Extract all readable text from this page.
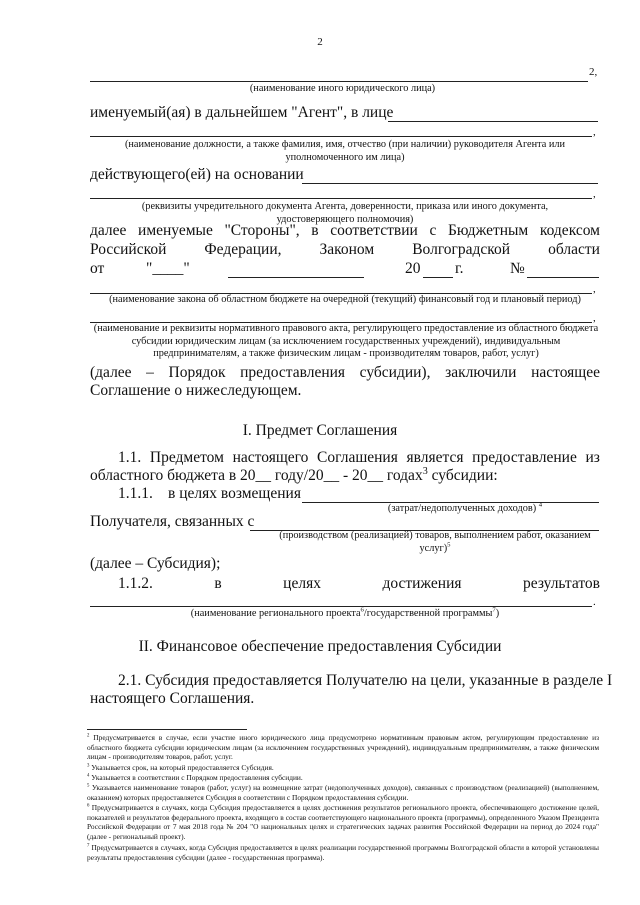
2
2,
(наименование иного юридического лица)
именуемый(ая) в дальнейшем "Агент", в лице
,
(наименование должности, а также фамилия, имя, отчество (при наличии) руководителя Агента или уполномоченного им лица)
действующего(ей) на основании
,
(реквизиты учредительного документа Агента, доверенности, приказа или иного документа, удостоверяющего полномочия)
далее именуемые "Стороны", в соответствии с Бюджетным кодексом
Российской Федерации, Законом Волгоградской области
от	"____"	20 г.	№
,
(наименование закона об областном бюджете на очередной (текущий) финансовый год и плановый период)
,
(наименование и реквизиты нормативного правового акта, регулирующего предоставление из областного бюджета субсидии юридическим лицам (за исключением государственных учреждений), индивидуальным предпринимателям, а также физическим лицам - производителям товаров, работ, услуг)
(далее – Порядок предоставления субсидии), заключили настоящее
Соглашение о нижеследующем.
I. Предмет Соглашения
1.1. Предметом настоящего Соглашения является предоставление из
областного бюджета в 20__ году/20__ - 20__ годах$^3$ субсидии:
1.1.1. в целях возмещения
(затрат/недополученных доходов) $^4$
Получателя, связанных с
(производством (реализацией) товаров, выполнением работ, оказанием услуг)$^5$
(далее – Субсидия);
1.1.2.	в	целях	достижения	результатов
.
(наименование регионального проекта$^6$/государственной программы$^7$)
II. Финансовое обеспечение предоставления Субсидии
2.1. Субсидия предоставляется Получателю на цели, указанные в разделе I
настоящего Соглашения.
$^2$ Предусматривается в случае, если участие иного юридического лица предусмотрено нормативным правовым актом, регулирующим предоставление из областного бюджета субсидии юридическим лицам (за исключением государственных учреждений), индивидуальным предпринимателям, а также физическим лицам - производителям товаров, работ, услуг.
$^3$ Указывается срок, на который предоставляется Субсидия.
$^4$ Указывается в соответствии с Порядком предоставления субсидии.
$^5$ Указывается наименование товаров (работ, услуг) на возмещение затрат (недополученных доходов), связанных с производством (реализацией) (выполнением, оказанием) которых предоставляется Субсидия в соответствии с Порядком предоставления субсидии.
$^6$ Предусматривается в случаях, когда Субсидия предоставляется в целях достижения результатов регионального проекта, обеспечивающего достижение целей, показателей и результатов федерального проекта, входящего в состав соответствующего национального проекта (программы), определенного Указом Президента Российской Федерации от 7 мая 2018 года № 204 "О национальных целях и стратегических задачах развития Российской Федерации на период до 2024 года" (далее - региональный проект).
$^7$ Предусматривается в случаях, когда Субсидия предоставляется в целях реализации государственной программы Волгоградской области в которой установлены результаты предоставления субсидии (далее - государственная программа).
